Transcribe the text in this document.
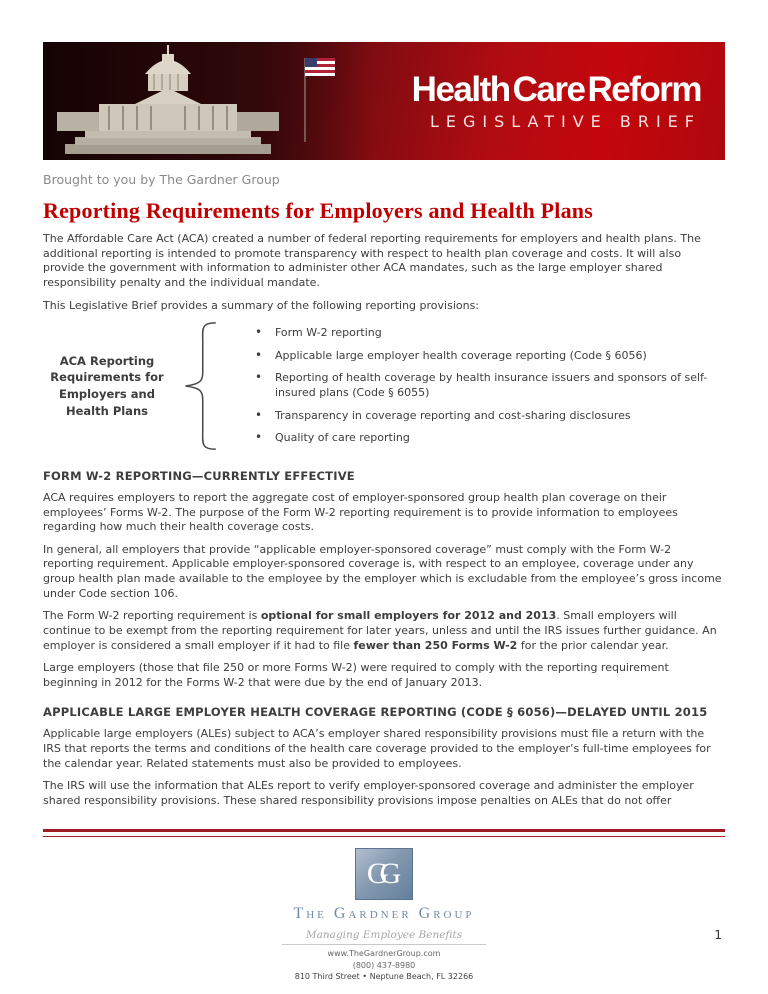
HealthCareReform
LEGISLATIVE BRIEF
Brought to you by The Gardner Group
Reporting Requirements for Employers and Health Plans

The Affordable Care Act (ACA) created a number of federal reporting requirements for employers and health plans. The additional reporting is intended to promote transparency with respect to health plan coverage and costs. It will also provide the government with information to administer other ACA mandates, such as the large employer shared responsibility penalty and the individual mandate.

This Legislative Brief provides a summary of the following reporting provisions:

ACA Reporting
Requirements for
Employers and
Health Plans
• Form W-2 reporting
• Applicable large employer health coverage reporting (Code § 6056)
• Reporting of health coverage by health insurance issuers and sponsors of self-insured plans (Code § 6055)
• Transparency in coverage reporting and cost-sharing disclosures
• Quality of care reporting
FORM W-2 REPORTING—CURRENTLY EFFECTIVE

ACA requires employers to report the aggregate cost of employer-sponsored group health plan coverage on their employees’ Forms W-2. The purpose of the Form W-2 reporting requirement is to provide information to employees regarding how much their health coverage costs.

In general, all employers that provide “applicable employer-sponsored coverage” must comply with the Form W-2 reporting requirement. Applicable employer-sponsored coverage is, with respect to an employee, coverage under any group health plan made available to the employee by the employer which is excludable from the employee’s gross income under Code section 106.

The Form W-2 reporting requirement is optional for small employers for 2012 and 2013. Small employers will continue to be exempt from the reporting requirement for later years, unless and until the IRS issues further guidance. An employer is considered a small employer if it had to file fewer than 250 Forms W-2 for the prior calendar year.

Large employers (those that file 250 or more Forms W-2) were required to comply with the reporting requirement beginning in 2012 for the Forms W-2 that were due by the end of January 2013.

APPLICABLE LARGE EMPLOYER HEALTH COVERAGE REPORTING (CODE § 6056)—DELAYED UNTIL 2015

Applicable large employers (ALEs) subject to ACA’s employer shared responsibility provisions must file a return with the IRS that reports the terms and conditions of the health care coverage provided to the employer’s full-time employees for the calendar year. Related statements must also be provided to employees.

The IRS will use the information that ALEs report to verify employer-sponsored coverage and administer the employer shared responsibility provisions. These shared responsibility provisions impose penalties on ALEs that do not offer

GG
The Gardner Group
Managing Employee Benefits
www.TheGardnerGroup.com
(800) 437-8980
810 Third Street • Neptune Beach, FL 32266
1
